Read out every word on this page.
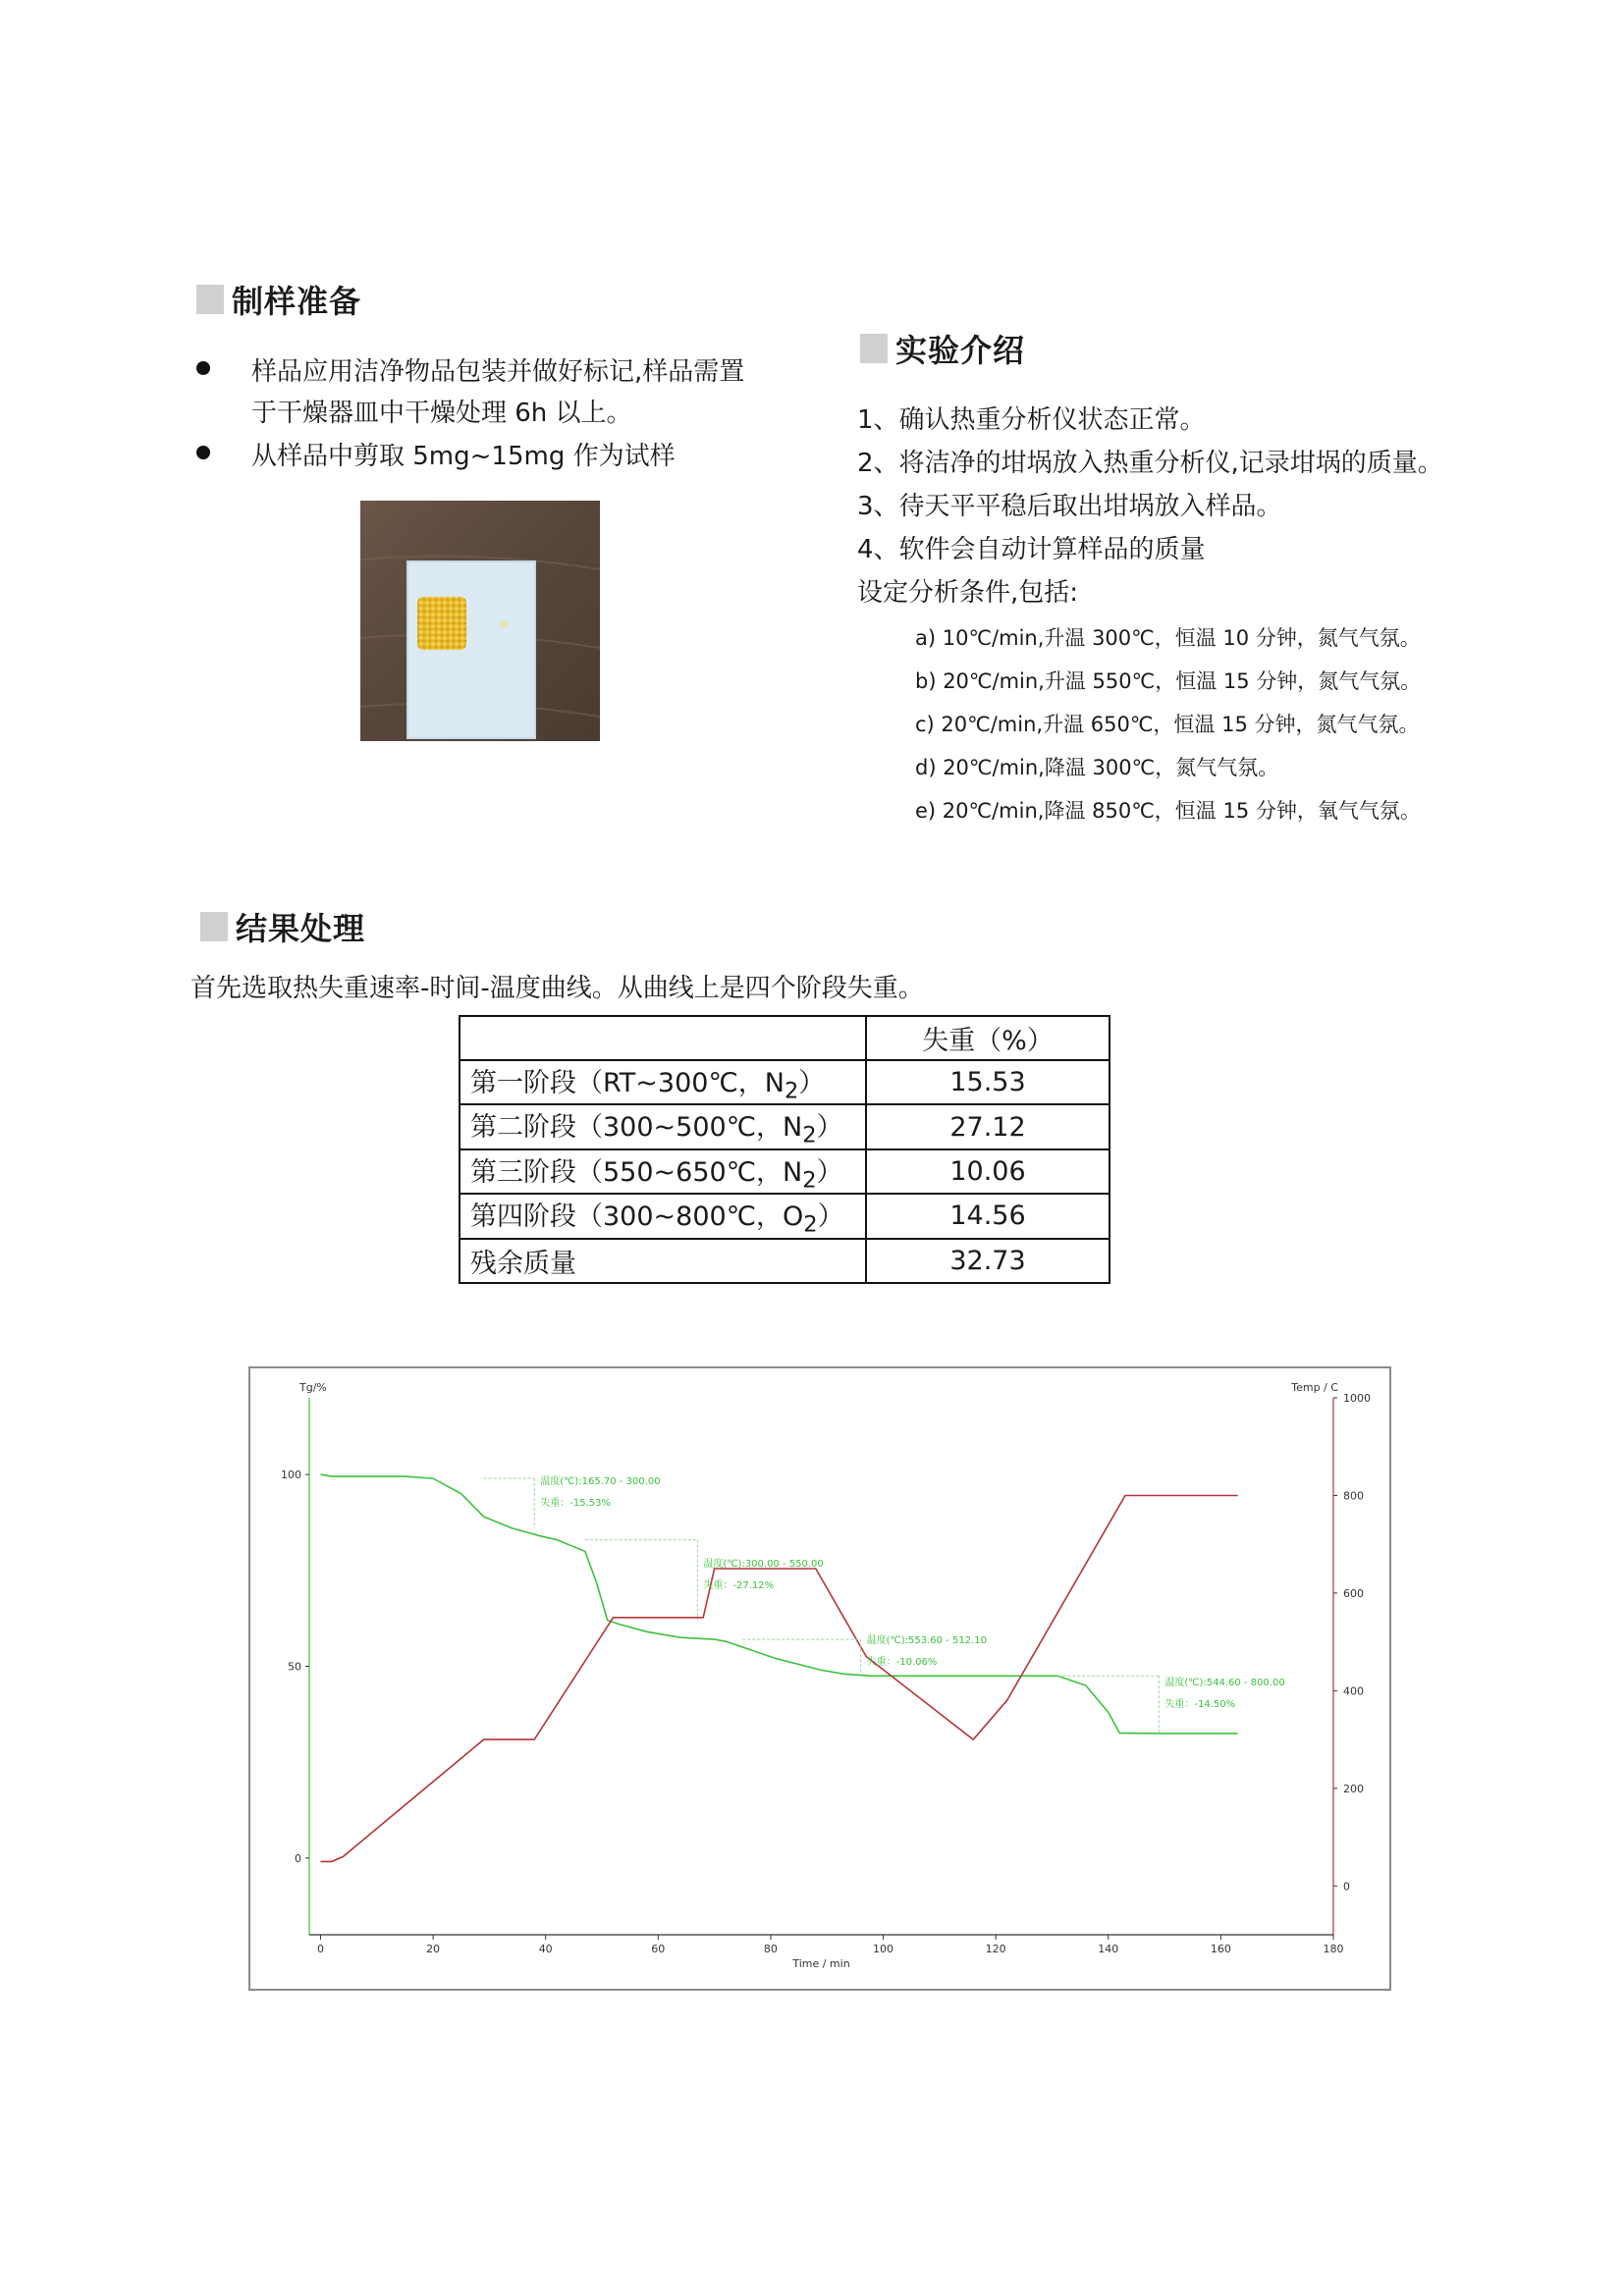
制样准备
样品应用洁净物品包装并做好标记,样品需置
于干燥器皿中干燥处理 6h 以上。
从样品中剪取 5mg~15mg 作为试样
实验介绍
1、确认热重分析仪状态正常。
2、将洁净的坩埚放入热重分析仪,记录坩埚的质量。
3、待天平平稳后取出坩埚放入样品。
4、软件会自动计算样品的质量
设定分析条件,包括:
a) 10℃/min,升温 300℃，恒温 10 分钟，氮气气氛。
b) 20℃/min,升温 550℃，恒温 15 分钟，氮气气氛。
c) 20℃/min,升温 650℃，恒温 15 分钟，氮气气氛。
d) 20℃/min,降温 300℃，氮气气氛。
e) 20℃/min,降温 850℃，恒温 15 分钟，氧气气氛。
结果处理
首先选取热失重速率-时间-温度曲线。从曲线上是四个阶段失重。
	失重（%）
第一阶段（RT~300℃，$N_2$）	15.53
第二阶段（300~500℃，$N_2$）	27.12
第三阶段（550~650℃，$N_2$）	10.06
第四阶段（300~800℃，$O_2$）	14.56
残余质量	32.73
Tg/%	Temp / C
Time / min
0	20	40	60	80	100	120	140	160	180
0
50
100
0
200
400
600
800
1000
温度(℃):165.70 - 300.00
失重：-15.53%
温度(℃):300.00 - 550.00
失重：-27.12%
温度(℃):553.60 - 512.10
失重：-10.06%
温度(℃):544.60 - 800.00
失重：-14.50%
